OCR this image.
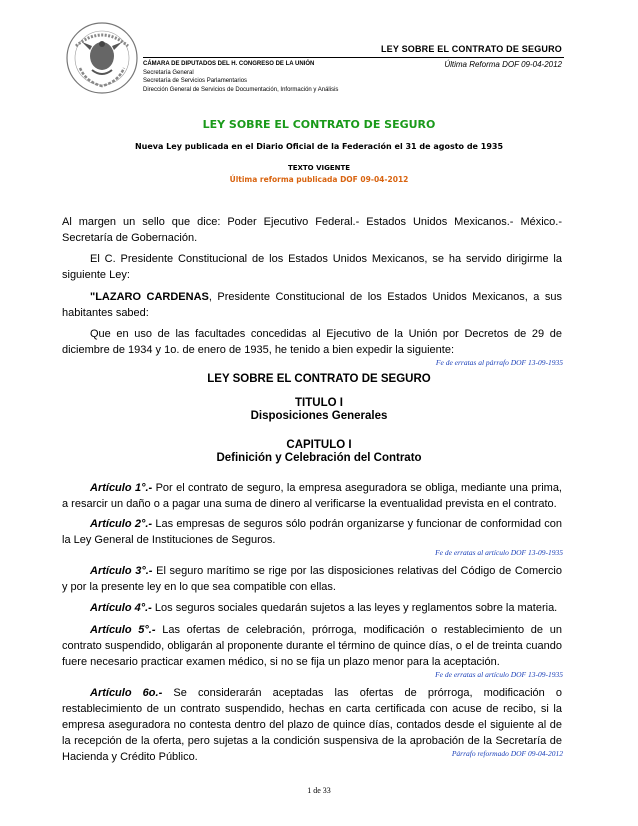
LEY SOBRE EL CONTRATO DE SEGURO
Última Reforma DOF 09-04-2012
CÁMARA DE DIPUTADOS DEL H. CONGRESO DE LA UNIÓN
Secretaría General
Secretaría de Servicios Parlamentarios
Dirección General de Servicios de Documentación, Información y Análisis
LEY SOBRE EL CONTRATO DE SEGURO
Nueva Ley publicada en el Diario Oficial de la Federación el 31 de agosto de 1935
TEXTO VIGENTE
Última reforma publicada DOF 09-04-2012
Al margen un sello que dice: Poder Ejecutivo Federal.- Estados Unidos Mexicanos.- México.- Secretaría de Gobernación.
El C. Presidente Constitucional de los Estados Unidos Mexicanos, se ha servido dirigirme la siguiente Ley:
"LAZARO CARDENAS, Presidente Constitucional de los Estados Unidos Mexicanos, a sus habitantes sabed:
Que en uso de las facultades concedidas al Ejecutivo de la Unión por Decretos de 29 de diciembre de 1934 y 1o. de enero de 1935, he tenido a bien expedir la siguiente:
Fe de erratas al párrafo DOF 13-09-1935
LEY SOBRE EL CONTRATO DE SEGURO
TITULO I
Disposiciones Generales
CAPITULO I
Definición y Celebración del Contrato
Artículo 1°.- Por el contrato de seguro, la empresa aseguradora se obliga, mediante una prima, a resarcir un daño o a pagar una suma de dinero al verificarse la eventualidad prevista en el contrato.
Artículo 2°.- Las empresas de seguros sólo podrán organizarse y funcionar de conformidad con la Ley General de Instituciones de Seguros.
Fe de erratas al artículo DOF 13-09-1935
Artículo 3°.- El seguro marítimo se rige por las disposiciones relativas del Código de Comercio y por la presente ley en lo que sea compatible con ellas.
Artículo 4°.- Los seguros sociales quedarán sujetos a las leyes y reglamentos sobre la materia.
Artículo 5°.- Las ofertas de celebración, prórroga, modificación o restablecimiento de un contrato suspendido, obligarán al proponente durante el término de quince días, o el de treinta cuando fuere necesario practicar examen médico, si no se fija un plazo menor para la aceptación.
Fe de erratas al artículo DOF 13-09-1935
Artículo 6o.- Se considerarán aceptadas las ofertas de prórroga, modificación o restablecimiento de un contrato suspendido, hechas en carta certificada con acuse de recibo, si la empresa aseguradora no contesta dentro del plazo de quince días, contados desde el siguiente al de la recepción de la oferta, pero sujetas a la condición suspensiva de la aprobación de la Secretaría de Hacienda y Crédito Público.	Párrafo reformado DOF 09-04-2012
1 de 33
